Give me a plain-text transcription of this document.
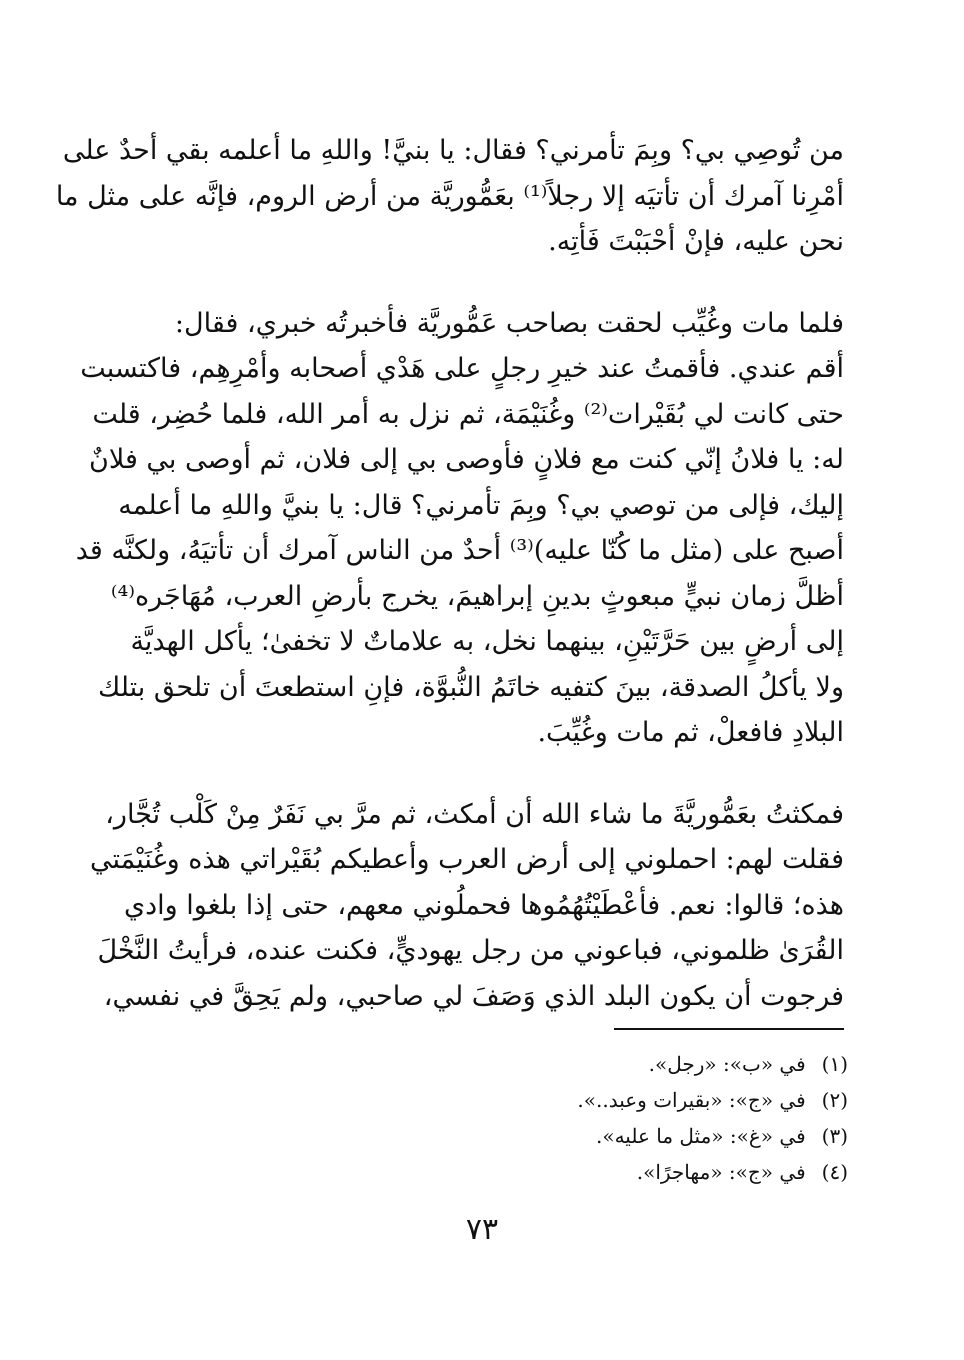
من تُوصِي بي؟ وبِمَ تأمرني؟ فقال: يا بنيَّ! واللهِ ما أعلمه بقي أحدٌ على
أمْرِنا آمرك أن تأتيَه إلا رجلاً⁽¹⁾ بعَمُّوريَّة من أرض الروم، فإنَّه على مثل ما
نحن عليه، فإنْ أحْبَبْتَ فَأتِه.

فلما مات وغُيِّب لحقت بصاحب عَمُّوريَّة فأخبرتُه خبري، فقال:
أقم عندي. فأقمتُ عند خيرِ رجلٍ على هَدْي أصحابه وأمْرِهِم، فاكتسبت
حتى كانت لي بُقَيْرات⁽²⁾ وغُنَيْمَة، ثم نزل به أمر الله، فلما حُضِر، قلت
له: يا فلانُ إنّي كنت مع فلانٍ فأوصى بي إلى فلان، ثم أوصى بي فلانٌ
إليك، فإلى من توصي بي؟ وبِمَ تأمرني؟ قال: يا بنيَّ واللهِ ما أعلمه
أصبح على (مثل ما كُنّا عليه)⁽³⁾ أحدٌ من الناس آمرك أن تأتيَهُ، ولكنَّه قد
أظلَّ زمان نبيٍّ مبعوثٍ بدينِ إبراهيمَ، يخرج بأرضِ العرب، مُهَاجَره⁽⁴⁾
إلى أرضٍ بين حَرَّتَيْنِ، بينهما نخل، به علاماتٌ لا تخفىٰ؛ يأكل الهديَّة
ولا يأكلُ الصدقة، بينَ كتفيه خاتَمُ النُّبوَّة، فإنِ استطعتَ أن تلحق بتلك
البلادِ فافعلْ، ثم مات وغُيِّبَ.

فمكثتُ بعَمُّوريَّةَ ما شاء الله أن أمكث، ثم مرَّ بي نَفَرٌ مِنْ كَلْب تُجَّار،
فقلت لهم: احملوني إلى أرض العرب وأعطيكم بُقَيْراتي هذه وغُنَيْمَتي
هذه؛ قالوا: نعم. فأعْطَيْتُهُمُوها فحملُوني معهم، حتى إذا بلغوا وادي
القُرَىٰ ظلموني، فباعوني من رجل يهوديٍّ، فكنت عنده، فرأيتُ النَّخْلَ
فرجوت أن يكون البلد الذي وَصَفَ لي صاحبي، ولم يَحِقَّ في نفسي،

(١) في «ب»: «رجل».
(٢) في «ج»: «بقيرات وعبد..».
(٣) في «غ»: «مثل ما عليه».
(٤) في «ج»: «مهاجرًا».
٧٣
